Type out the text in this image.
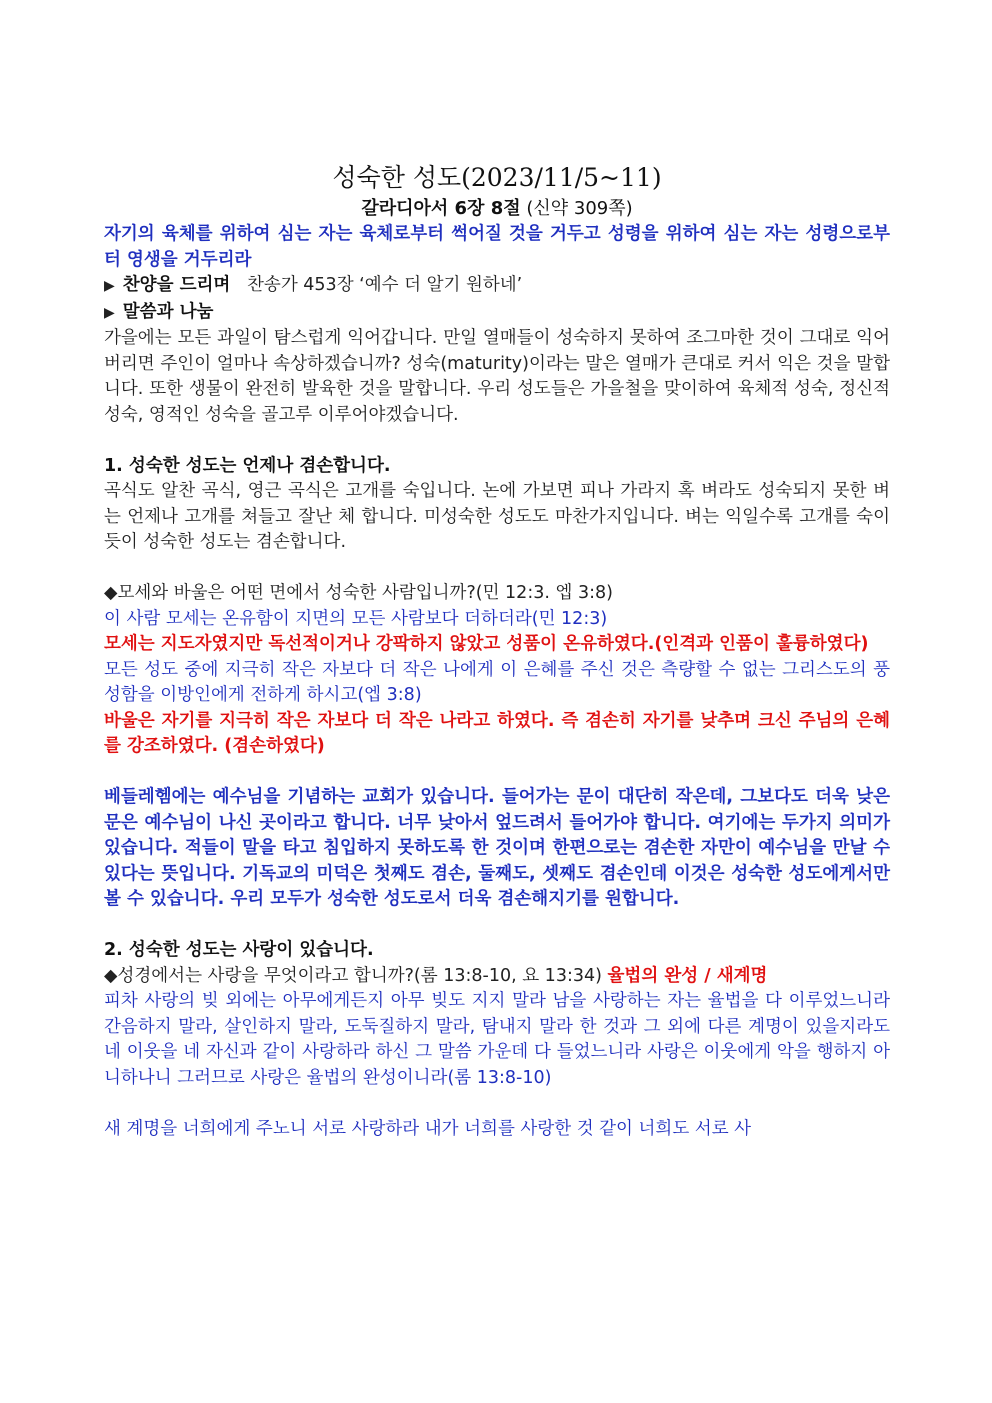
성숙한 성도(2023/11/5~11)
갈라디아서 6장 8절 (신약 309쪽)

자기의 육체를 위하여 심는 자는 육체로부터 썩어질 것을 거두고 성령을 위하여 심는 자는 성령으로부터 영생을 거두리라

▶ 찬양을 드리며 찬송가 453장 ‘예수 더 알기 원하네’

▶ 말씀과 나눔

가을에는 모든 과일이 탐스럽게 익어갑니다. 만일 열매들이 성숙하지 못하여 조그마한 것이 그대로 익어버리면 주인이 얼마나 속상하겠습니까? 성숙(maturity)이라는 말은 열매가 큰대로 커서 익은 것을 말합니다. 또한 생물이 완전히 발육한 것을 말합니다. 우리 성도들은 가을철을 맞이하여 육체적 성숙, 정신적 성숙, 영적인 성숙을 골고루 이루어야겠습니다.

1. 성숙한 성도는 언제나 겸손합니다.

곡식도 알찬 곡식, 영근 곡식은 고개를 숙입니다. 논에 가보면 피나 가라지 혹 벼라도 성숙되지 못한 벼는 언제나 고개를 쳐들고 잘난 체 합니다. 미성숙한 성도도 마찬가지입니다. 벼는 익일수록 고개를 숙이듯이 성숙한 성도는 겸손합니다.

◆모세와 바울은 어떤 면에서 성숙한 사람입니까?(민 12:3. 엡 3:8)

이 사람 모세는 온유함이 지면의 모든 사람보다 더하더라(민 12:3)

모세는 지도자였지만 독선적이거나 강팍하지 않았고 성품이 온유하였다.(인격과 인품이 훌륭하였다)

모든 성도 중에 지극히 작은 자보다 더 작은 나에게 이 은혜를 주신 것은 측량할 수 없는 그리스도의 풍성함을 이방인에게 전하게 하시고(엡 3:8)

바울은 자기를 지극히 작은 자보다 더 작은 나라고 하였다. 즉 겸손히 자기를 낮추며 크신 주님의 은혜를 강조하였다. (겸손하였다)

베들레헴에는 예수님을 기념하는 교회가 있습니다. 들어가는 문이 대단히 작은데, 그보다도 더욱 낮은 문은 예수님이 나신 곳이라고 합니다. 너무 낮아서 엎드려서 들어가야 합니다. 여기에는 두가지 의미가 있습니다. 적들이 말을 타고 침입하지 못하도록 한 것이며 한편으로는 겸손한 자만이 예수님을 만날 수 있다는 뜻입니다. 기독교의 미덕은 첫째도 겸손, 둘째도, 셋째도 겸손인데 이것은 성숙한 성도에게서만 볼 수 있습니다. 우리 모두가 성숙한 성도로서 더욱 겸손해지기를 원합니다.

2. 성숙한 성도는 사랑이 있습니다.

◆성경에서는 사랑을 무엇이라고 합니까?(롬 13:8-10, 요 13:34) 율법의 완성 / 새계명

피차 사랑의 빚 외에는 아무에게든지 아무 빚도 지지 말라 남을 사랑하는 자는 율법을 다 이루었느니라 간음하지 말라, 살인하지 말라, 도둑질하지 말라, 탐내지 말라 한 것과 그 외에 다른 계명이 있을지라도 네 이웃을 네 자신과 같이 사랑하라 하신 그 말씀 가운데 다 들었느니라 사랑은 이웃에게 악을 행하지 아니하나니 그러므로 사랑은 율법의 완성이니라(롬 13:8-10)

새 계명을 너희에게 주노니 서로 사랑하라 내가 너희를 사랑한 것 같이 너희도 서로 사
